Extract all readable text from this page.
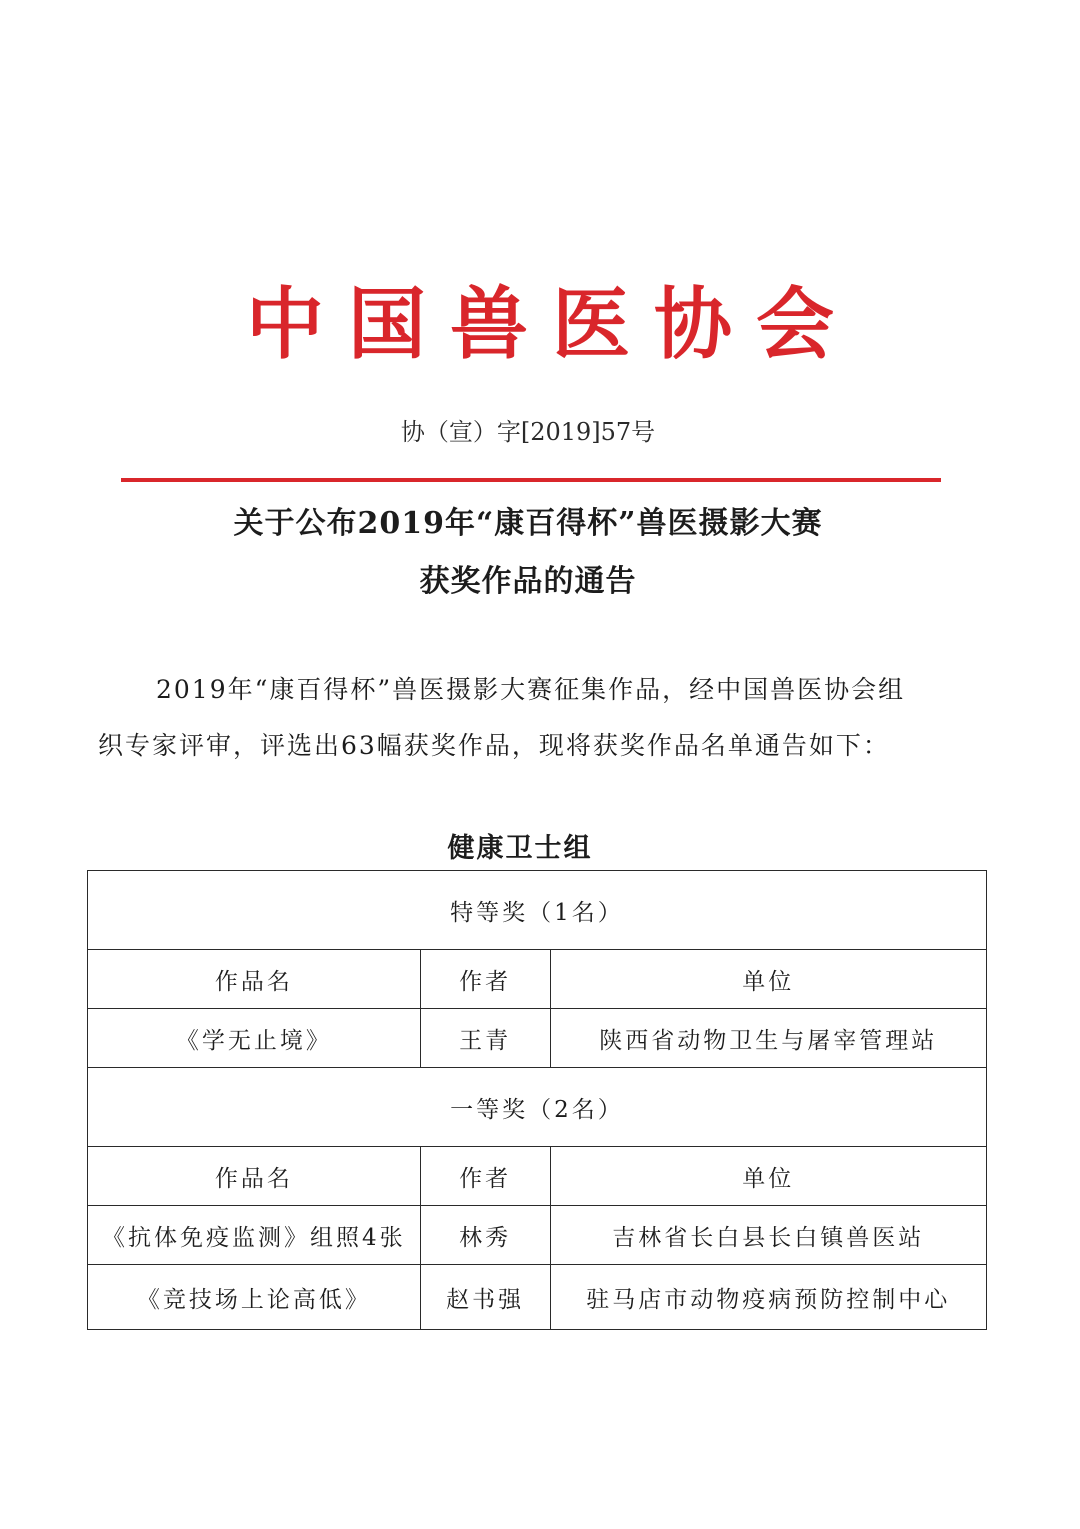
中国兽医协会
协（宣）字[2019]57号
关于公布2019年“康百得杯”兽医摄影大赛
获奖作品的通告
2019年“康百得杯”兽医摄影大赛征集作品，经中国兽医协会组
织专家评审，评选出63幅获奖作品，现将获奖作品名单通告如下：
健康卫士组
特等奖（1名）		
作品名	作者	单位
《学无止境》	王青	陕西省动物卫生与屠宰管理站
一等奖（2名）		
作品名	作者	单位
《抗体免疫监测》组照4张	林秀	吉林省长白县长白镇兽医站
《竞技场上论高低》	赵书强	驻马店市动物疫病预防控制中心
